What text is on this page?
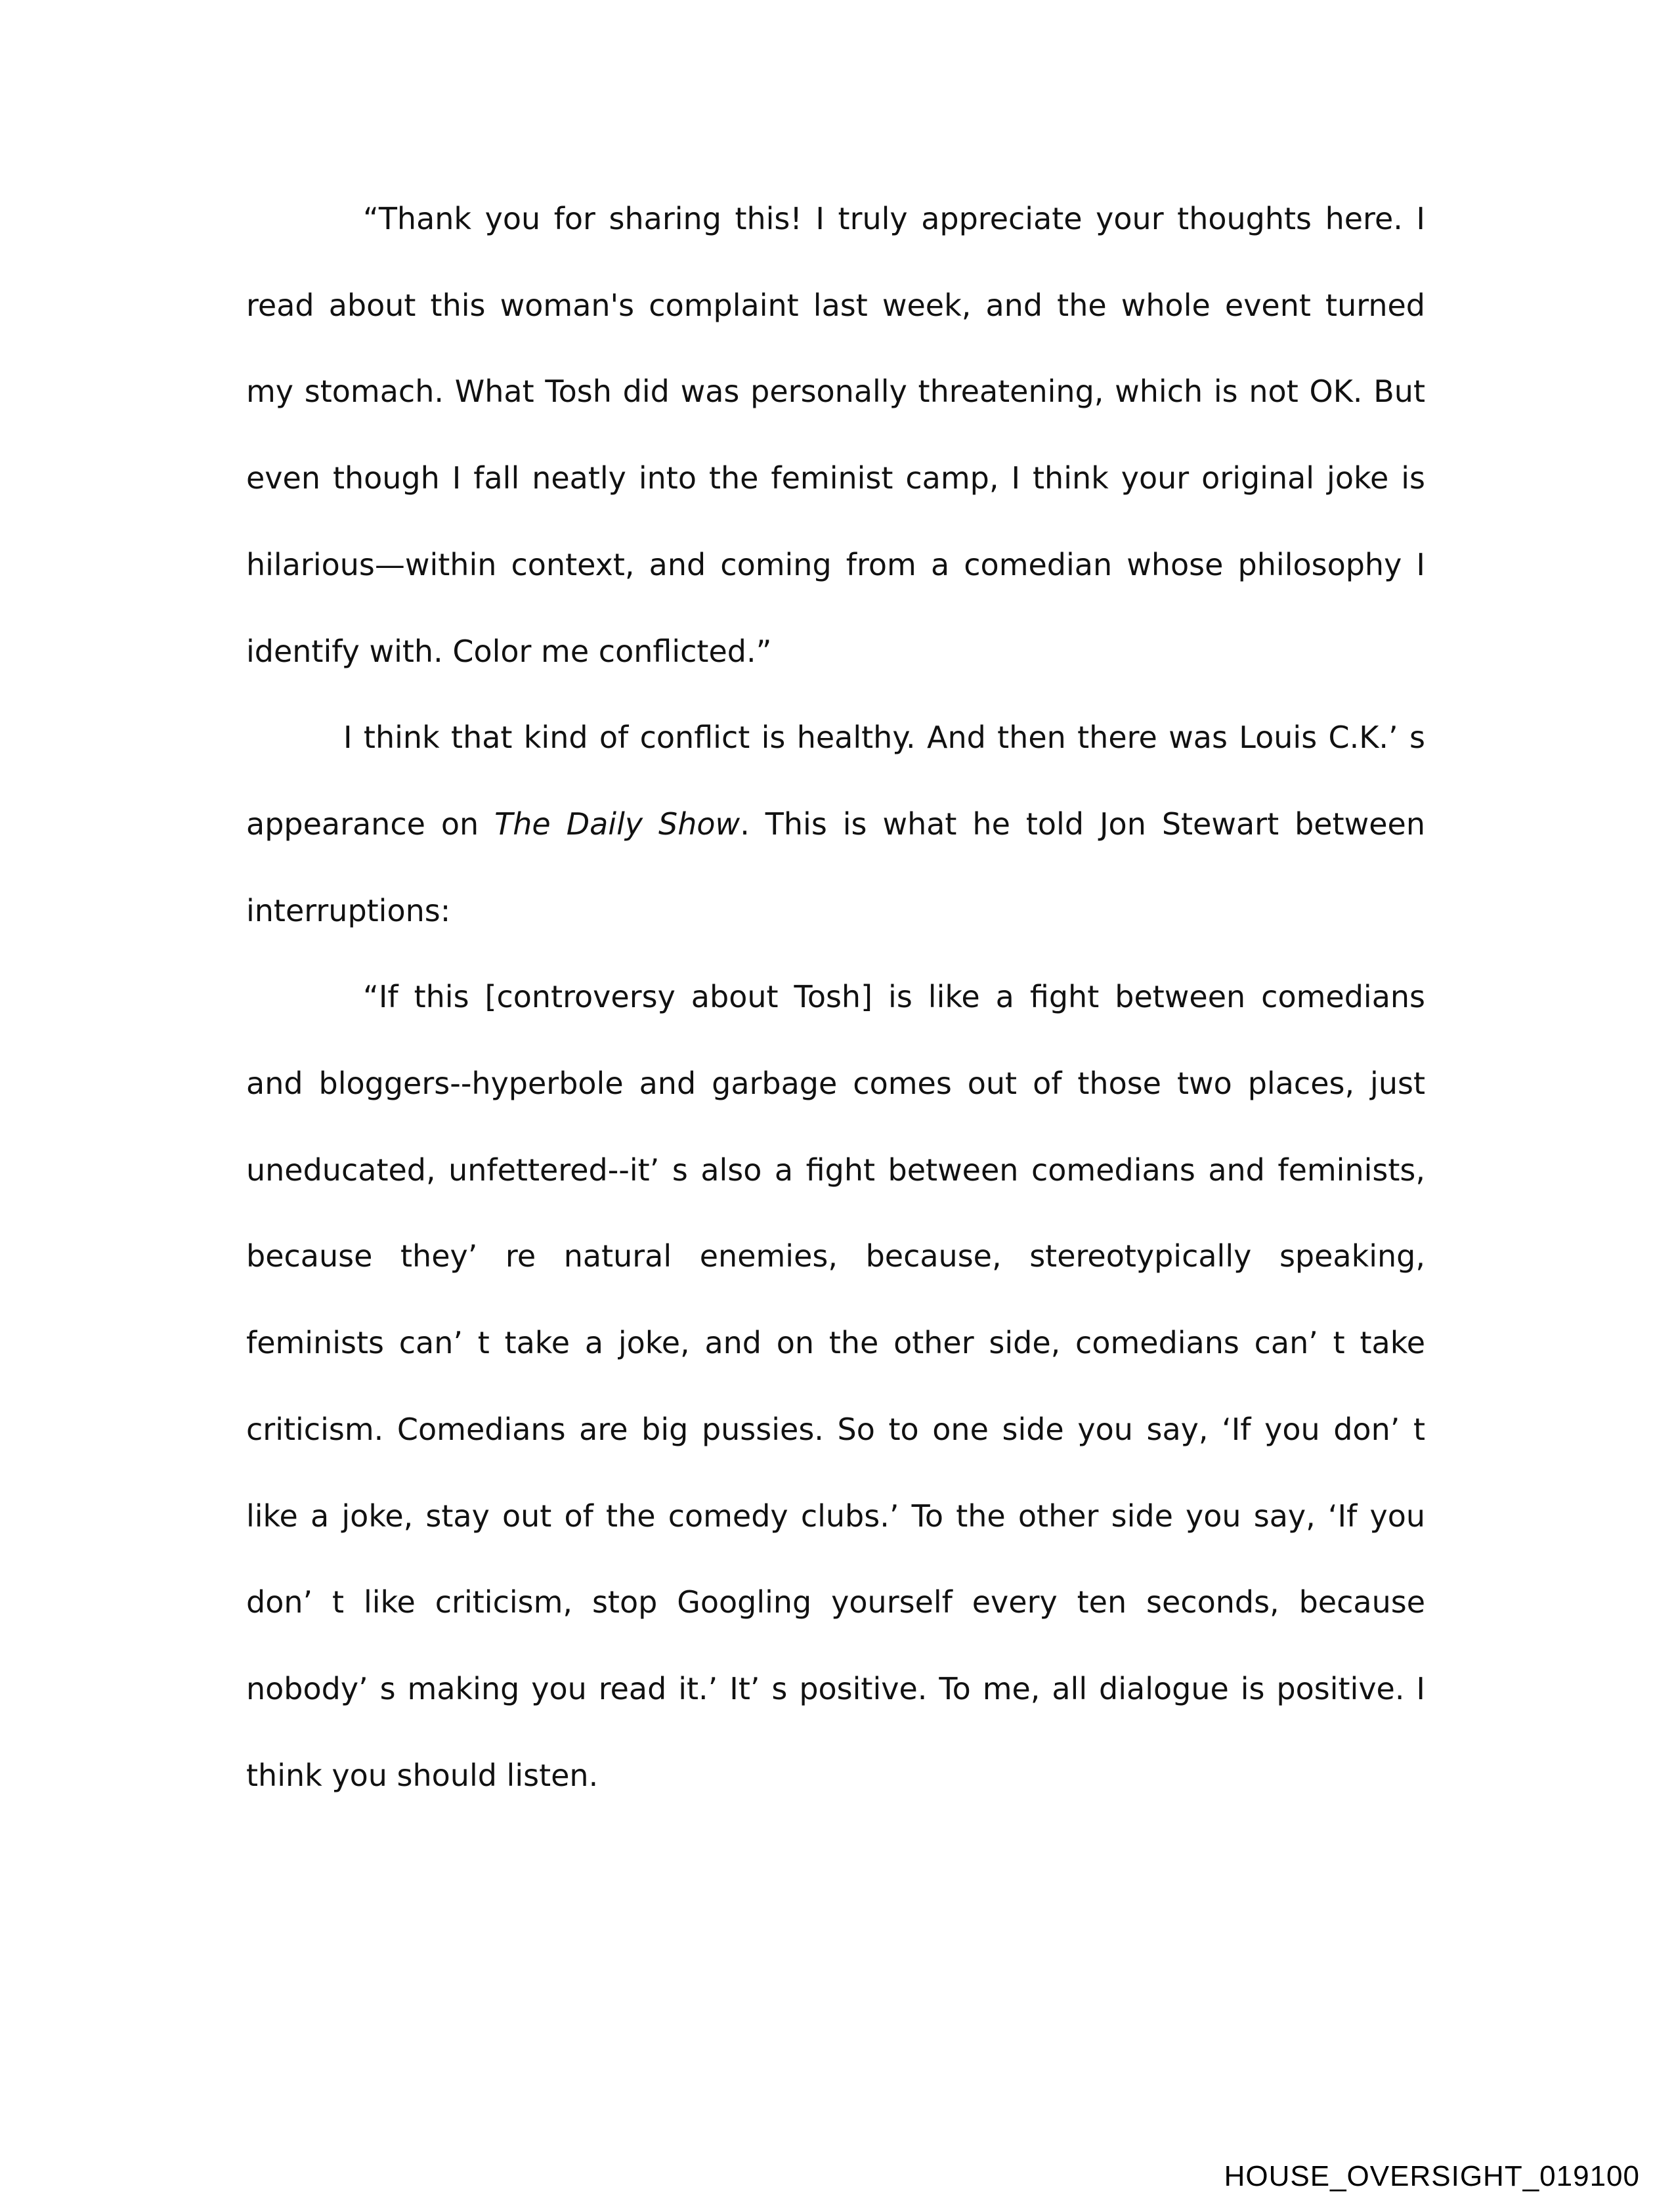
“Thank you for sharing this! I truly appreciate your thoughts here. I read about this woman's complaint last week, and the whole event turned my stomach. What Tosh did was personally threatening, which is not OK. But even though I fall neatly into the feminist camp, I think your original joke is hilarious—within context, and coming from a comedian whose philosophy I identify with. Color me conflicted.”

I think that kind of conflict is healthy. And then there was Louis C.K.’ s appearance on The Daily Show. This is what he told Jon Stewart between interruptions:

“If this [controversy about Tosh] is like a fight between comedians and bloggers--hyperbole and garbage comes out of those two places, just uneducated, unfettered--it’ s also a fight between comedians and feminists, because they’ re natural enemies, because, stereotypically speaking, feminists can’ t take a joke, and on the other side, comedians can’ t take criticism. Comedians are big pussies. So to one side you say, ‘If you don’ t like a joke, stay out of the comedy clubs.’ To the other side you say, ‘If you don’ t like criticism, stop Googling yourself every ten seconds, because nobody’ s making you read it.’ It’ s positive. To me, all dialogue is positive. I think you should listen.

HOUSE_OVERSIGHT_019100
